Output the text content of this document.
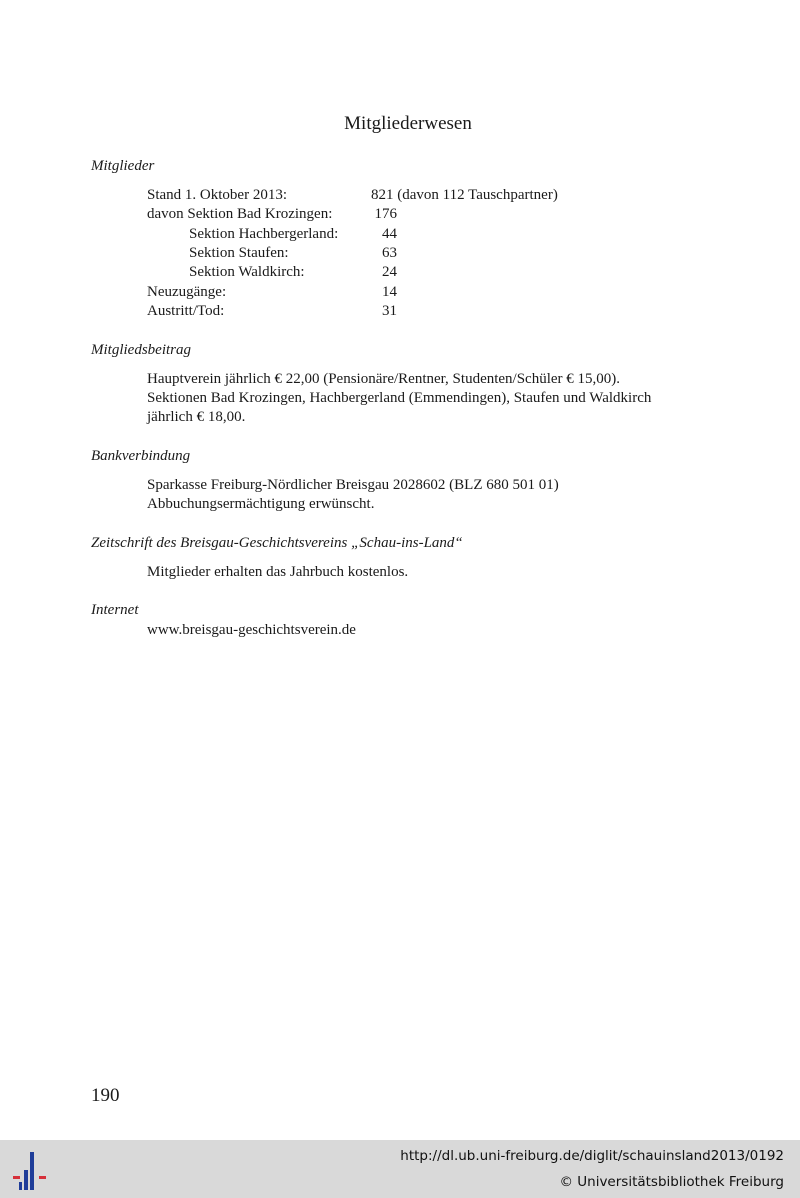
Mitgliederwesen
Mitglieder
Stand 1. Oktober 2013:	821 (davon 112 Tauschpartner)
davon Sektion Bad Krozingen:	176
Sektion Hachbergerland:	44
Sektion Staufen:	63
Sektion Waldkirch:	24
Neuzugänge:	14
Austritt/Tod:	31
Mitgliedsbeitrag
Hauptverein jährlich € 22,00 (Pensionäre/Rentner, Studenten/Schüler € 15,00).
Sektionen Bad Krozingen, Hachbergerland (Emmendingen), Staufen und Waldkirch
jährlich € 18,00.
Bankverbindung
Sparkasse Freiburg-Nördlicher Breisgau 2028602 (BLZ 680 501 01)
Abbuchungsermächtigung erwünscht.
Zeitschrift des Breisgau-Geschichtsvereins „Schau-ins-Land“
Mitglieder erhalten das Jahrbuch kostenlos.
Internet
www.breisgau-geschichtsverein.de
190
http://dl.ub.uni-freiburg.de/diglit/schauinsland2013/0192
© Universitätsbibliothek Freiburg
